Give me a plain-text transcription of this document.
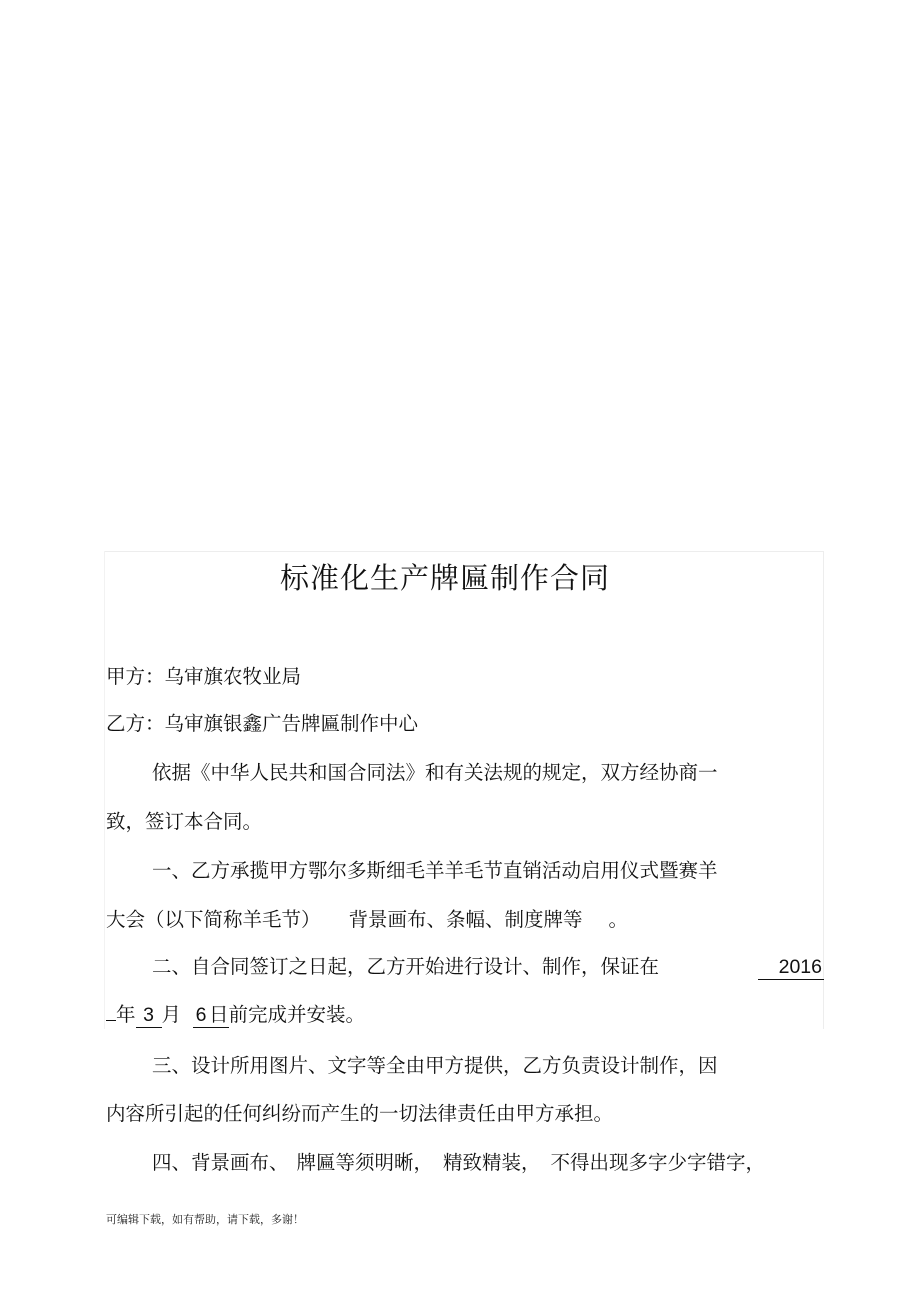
标准化生产牌匾制作合同
甲方：乌审旗农牧业局
乙方：乌审旗银鑫广告牌匾制作中心
依据《中华人民共和国合同法》和有关法规的规定，双方经协商一
致，签订本合同。
一、乙方承揽甲方鄂尔多斯细毛羊羊毛节直销活动启用仪式暨赛羊
大会（以下简称羊毛节） 背景画布、条幅、制度牌等 。
二、自合同签订之日起，乙方开始进行设计、制作，保证在	2016
年 3 月 6 日前完成并安装。
三、设计所用图片、文字等全由甲方提供，乙方负责设计制作，因
内容所引起的任何纠纷而产生的一切法律责任由甲方承担。
四、背景画布、 牌匾等须明晰， 精致精装， 不得出现多字少字错字，
可编辑下载，如有帮助，请下载，多谢！
